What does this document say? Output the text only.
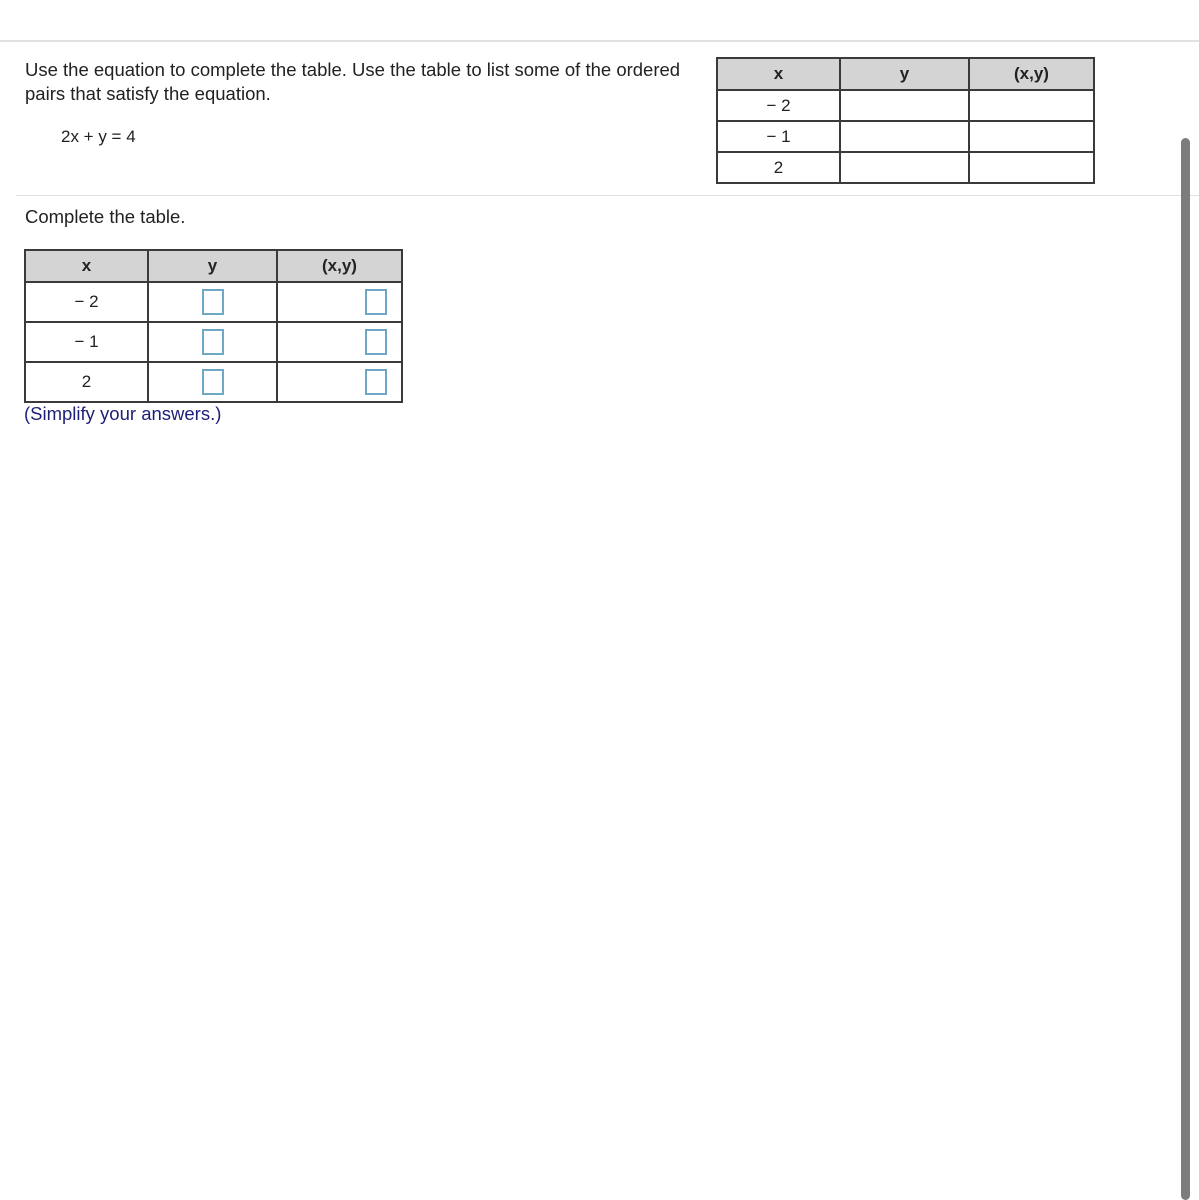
Use the equation to complete the table. Use the table to list some of the ordered pairs that satisfy the equation.
2x + y = 4
x	y	(x,y)
− 2		
− 1		
2		
Complete the table.
x	y	(x,y)
− 2		
− 1		
2		
(Simplify your answers.)
